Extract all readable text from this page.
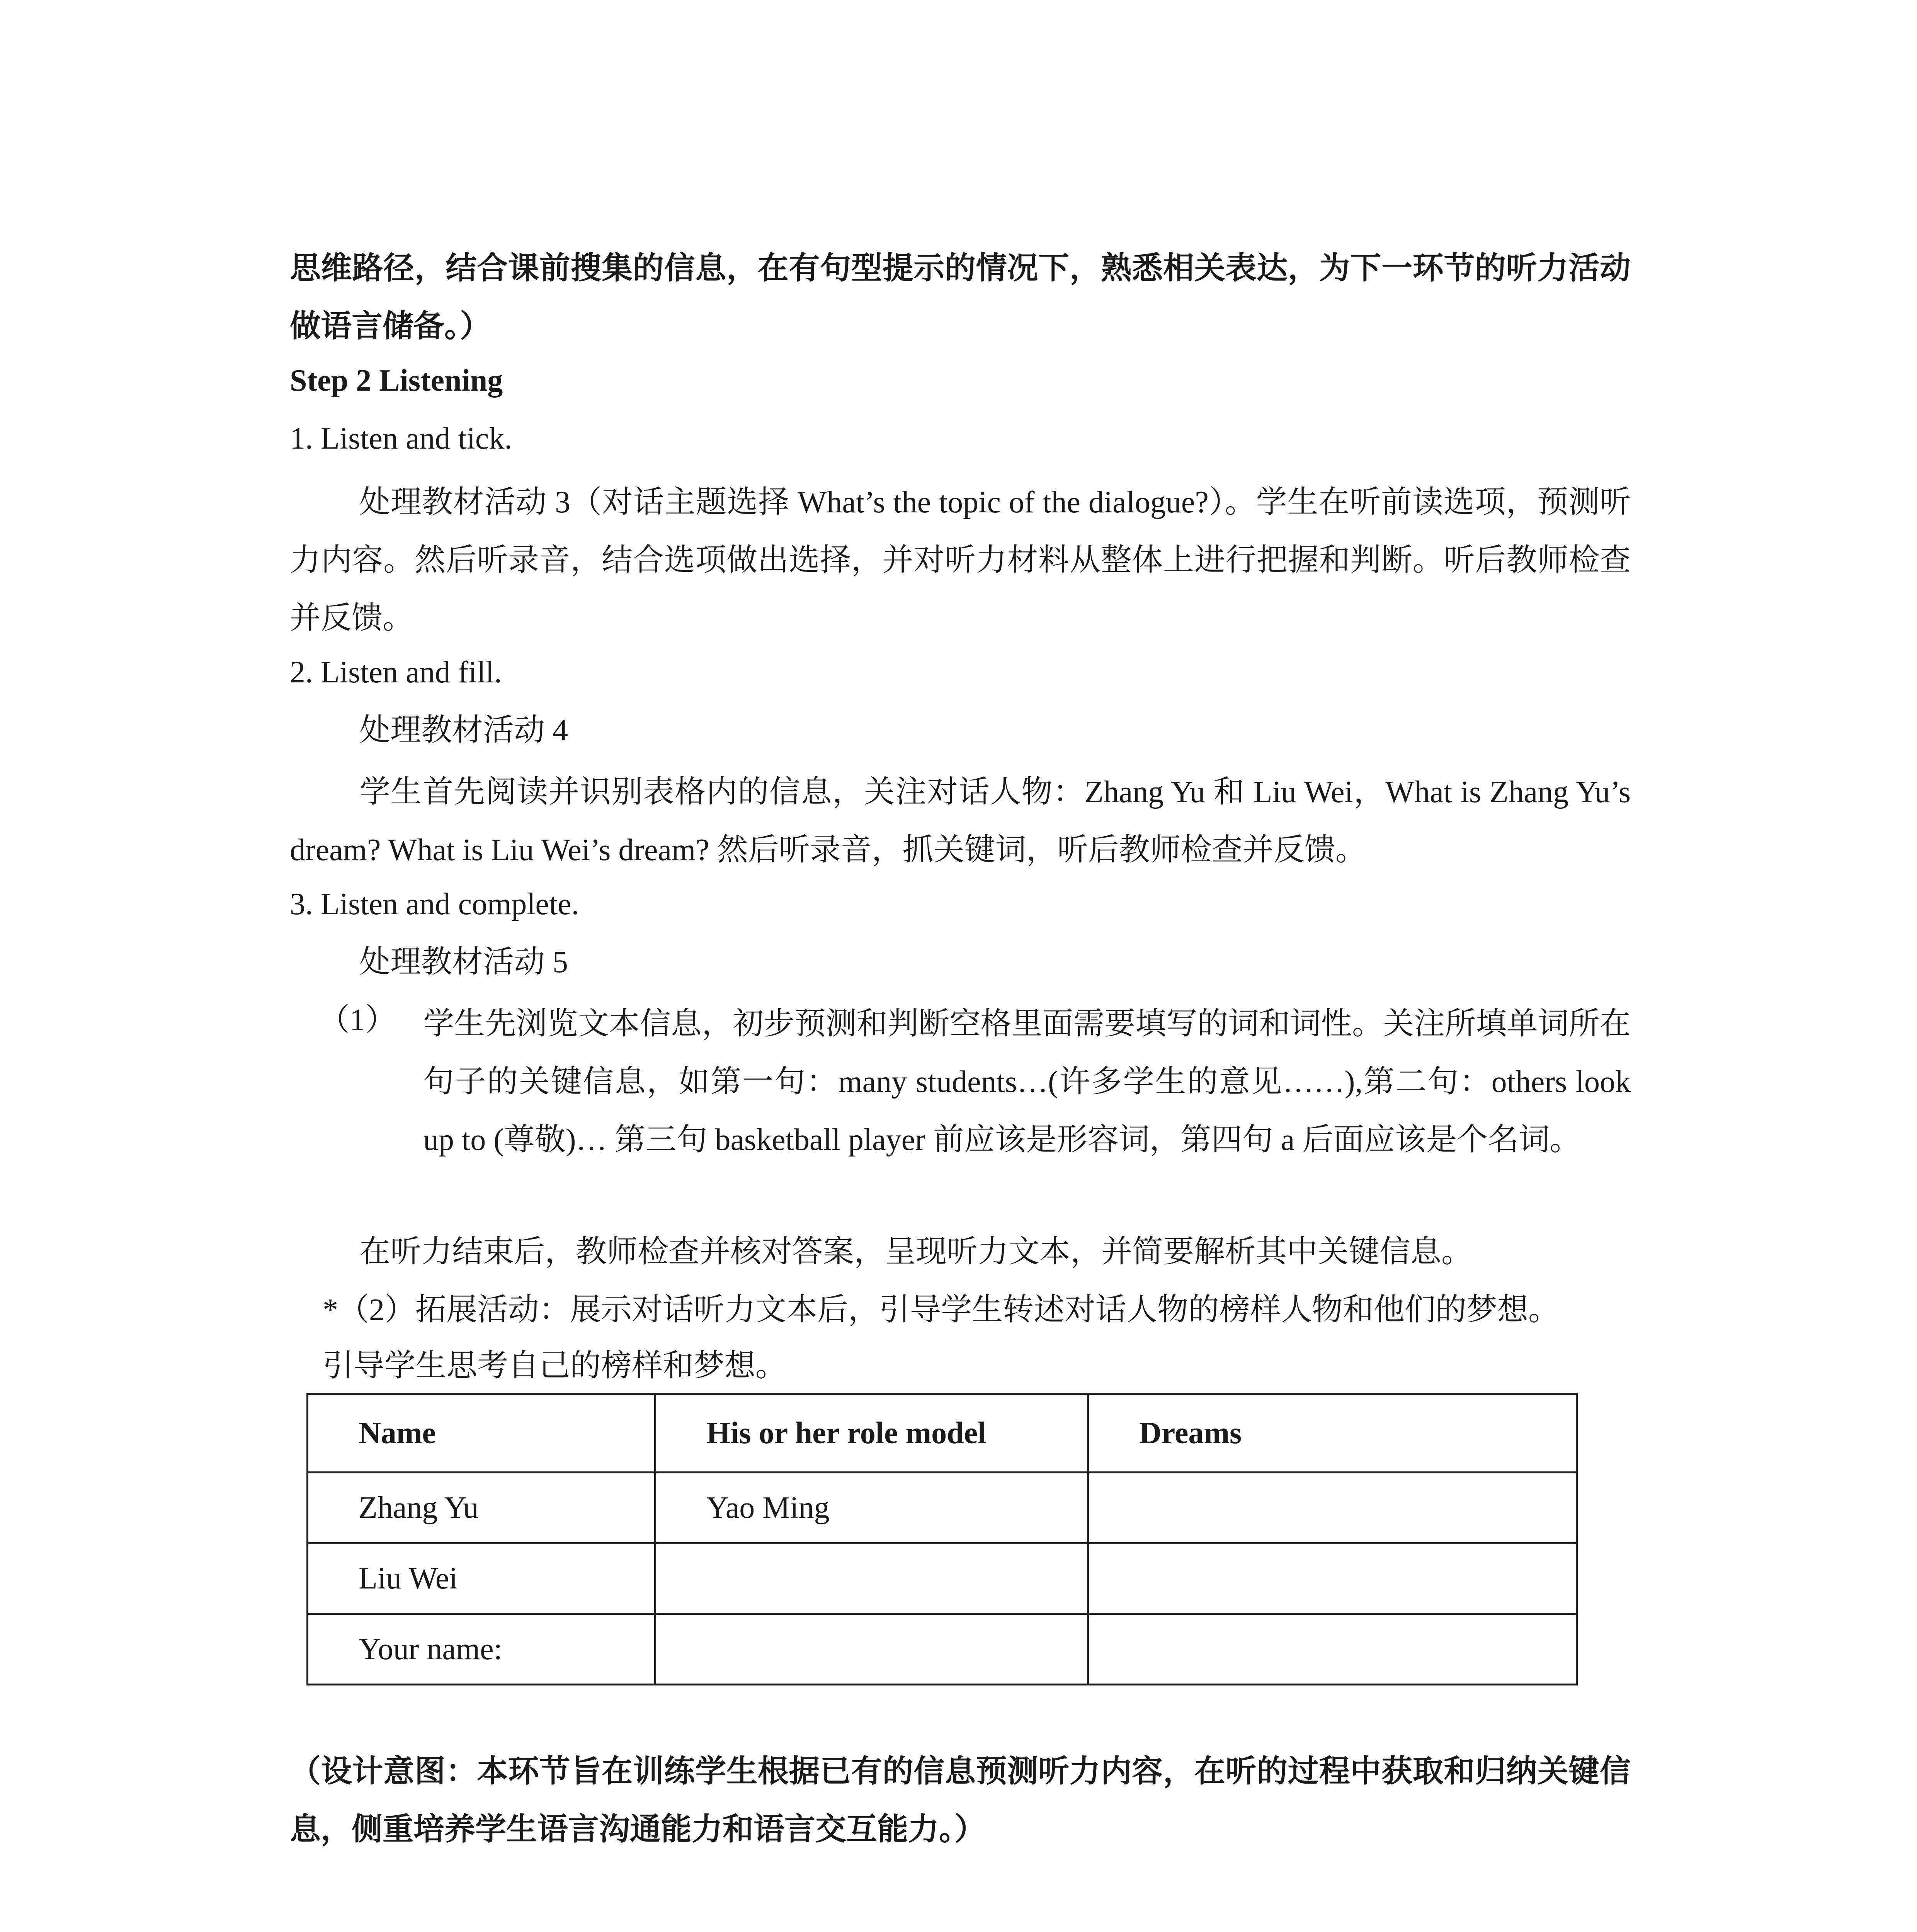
思维路径，结合课前搜集的信息，在有句型提示的情况下，熟悉相关表达，为下一环节的听力活动做语言储备。）

Step 2 Listening
1. Listen and tick.

处理教材活动 3（对话主题选择 What’s the topic of the dialogue?）。学生在听前读选项，预测听力内容。然后听录音，结合选项做出选择，并对听力材料从整体上进行把握和判断。听后教师检查并反馈。

2. Listen and fill.
处理教材活动 4

学生首先阅读并识别表格内的信息，关注对话人物：Zhang Yu 和 Liu Wei，What is Zhang Yu’s dream? What is Liu Wei’s dream? 然后听录音，抓关键词，听后教师检查并反馈。

3. Listen and complete.
处理教材活动 5
（1） 学生先浏览文本信息，初步预测和判断空格里面需要填写的词和词性。关注所填单词所在句子的关键信息，如第一句：many students…(许多学生的意见……),第二句：others look up to (尊敬)… 第三句 basketball player 前应该是形容词，第四句 a 后面应该是个名词。

在听力结束后，教师检查并核对答案，呈现听力文本，并简要解析其中关键信息。
*（2）拓展活动：展示对话听力文本后，引导学生转述对话人物的榜样人物和他们的梦想。
引导学生思考自己的榜样和梦想。
Name	His or her role model	Dreams
Zhang Yu	Yao Ming	
Liu Wei		
Your name:		

（设计意图：本环节旨在训练学生根据已有的信息预测听力内容，在听的过程中获取和归纳关键信息，侧重培养学生语言沟通能力和语言交互能力。）
